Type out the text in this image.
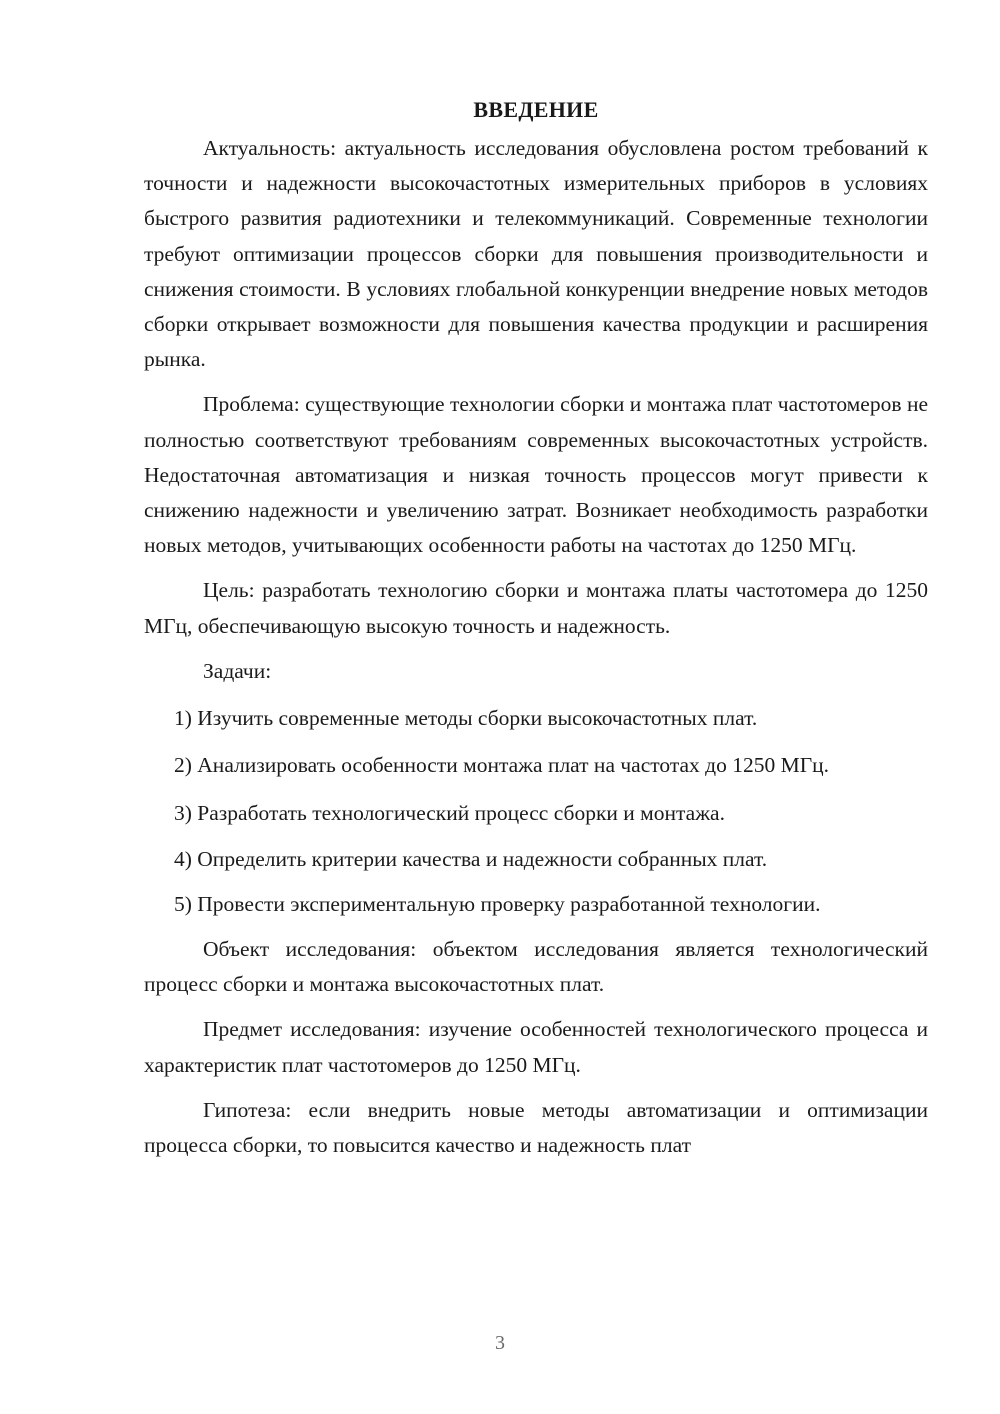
ВВЕДЕНИЕ

Актуальность: актуальность исследования обусловлена ростом требований к точности и надежности высокочастотных измерительных приборов в условиях быстрого развития радиотехники и телекоммуникаций. Современные технологии требуют оптимизации процессов сборки для повышения производительности и снижения стоимости. В условиях глобальной конкуренции внедрение новых методов сборки открывает возможности для повышения качества продукции и расширения рынка.

Проблема: существующие технологии сборки и монтажа плат частотомеров не полностью соответствуют требованиям современных высокочастотных устройств. Недостаточная автоматизация и низкая точность процессов могут привести к снижению надежности и увеличению затрат. Возникает необходимость разработки новых методов, учитывающих особенности работы на частотах до 1250 МГц.

Цель: разработать технологию сборки и монтажа платы частотомера до 1250 МГц, обеспечивающую высокую точность и надежность.

Задачи:

1) Изучить современные методы сборки высокочастотных плат.

2) Анализировать особенности монтажа плат на частотах до 1250 МГц.

3) Разработать технологический процесс сборки и монтажа.

4) Определить критерии качества и надежности собранных плат.

5) Провести экспериментальную проверку разработанной технологии.

Объект исследования: объектом исследования является технологический процесс сборки и монтажа высокочастотных плат.

Предмет исследования: изучение особенностей технологического процесса и характеристик плат частотомеров до 1250 МГц.

Гипотеза: если внедрить новые методы автоматизации и оптимизации процесса сборки, то повысится качество и надежность плат

3
